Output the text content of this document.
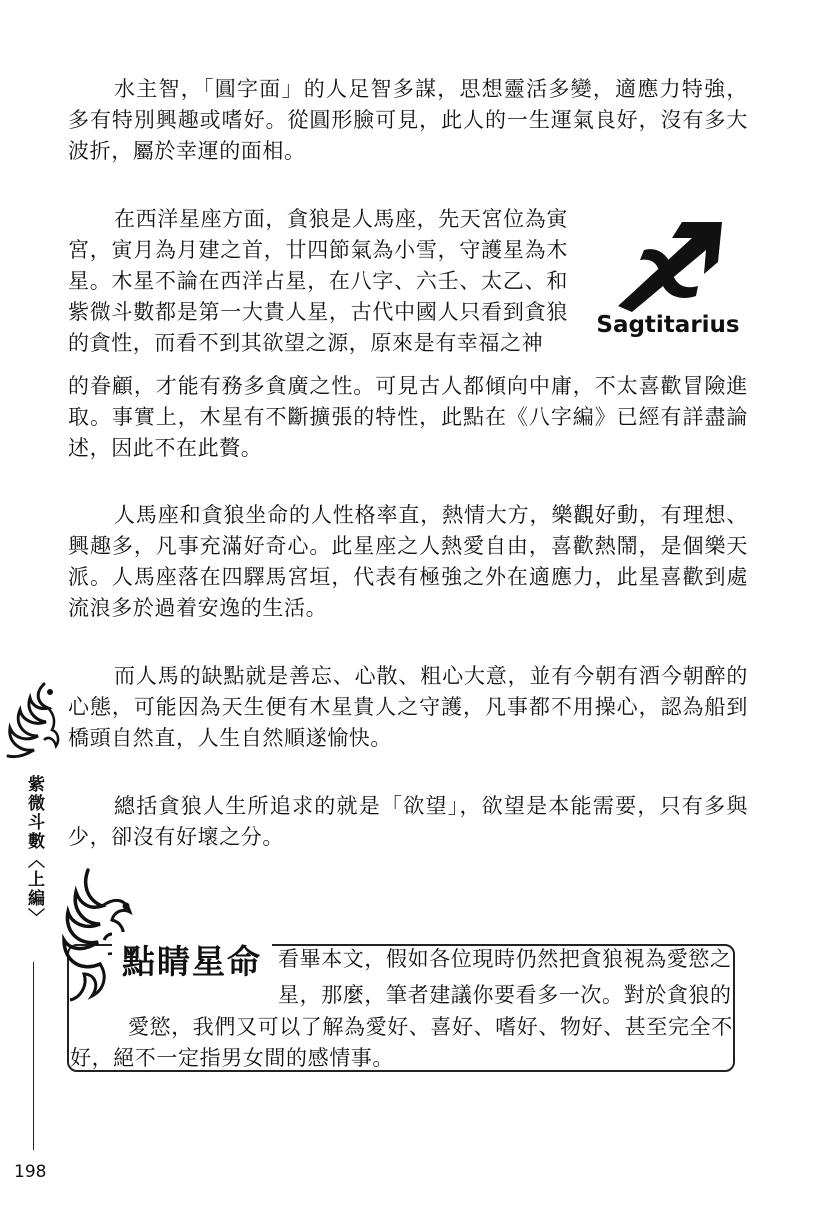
水主智，「圓字面」的人足智多謀，思想靈活多變，適應力特強，多有特別興趣或嗜好。從圓形臉可見，此人的一生運氣良好，沒有多大波折，屬於幸運的面相。

在西洋星座方面，貪狼是人馬座，先天宮位為寅宮，寅月為月建之首，廿四節氣為小雪，守護星為木星。木星不論在西洋占星，在八字、六壬、太乙、和紫微斗數都是第一大貴人星，古代中國人只看到貪狼的貪性，而看不到其欲望之源，原來是有幸福之神

Sagtitarius

的眷顧，才能有務多貪廣之性。可見古人都傾向中庸，不太喜歡冒險進取。事實上，木星有不斷擴張的特性，此點在《八字編》已經有詳盡論述，因此不在此贅。

人馬座和貪狼坐命的人性格率直，熱情大方，樂觀好動，有理想、興趣多，凡事充滿好奇心。此星座之人熱愛自由，喜歡熱鬧，是個樂天派。人馬座落在四驛馬宮垣，代表有極強之外在適應力，此星喜歡到處流浪多於過着安逸的生活。

而人馬的缺點就是善忘、心散、粗心大意，並有今朝有酒今朝醉的心態，可能因為天生便有木星貴人之守護，凡事都不用操心，認為船到橋頭自然直，人生自然順遂愉快。

總括貪狼人生所追求的就是「欲望」，欲望是本能需要，只有多與少，卻沒有好壞之分。

紫微斗數〈上編〉
198
點睛星命 看畢本文，假如各位現時仍然把貪狼視為愛慾之

星，那麼，筆者建議你要看多一次。對於貪狼的

愛慾，我們又可以了解為愛好、喜好、嗜好、物好、甚至完全不

好，絕不一定指男女間的感情事。
